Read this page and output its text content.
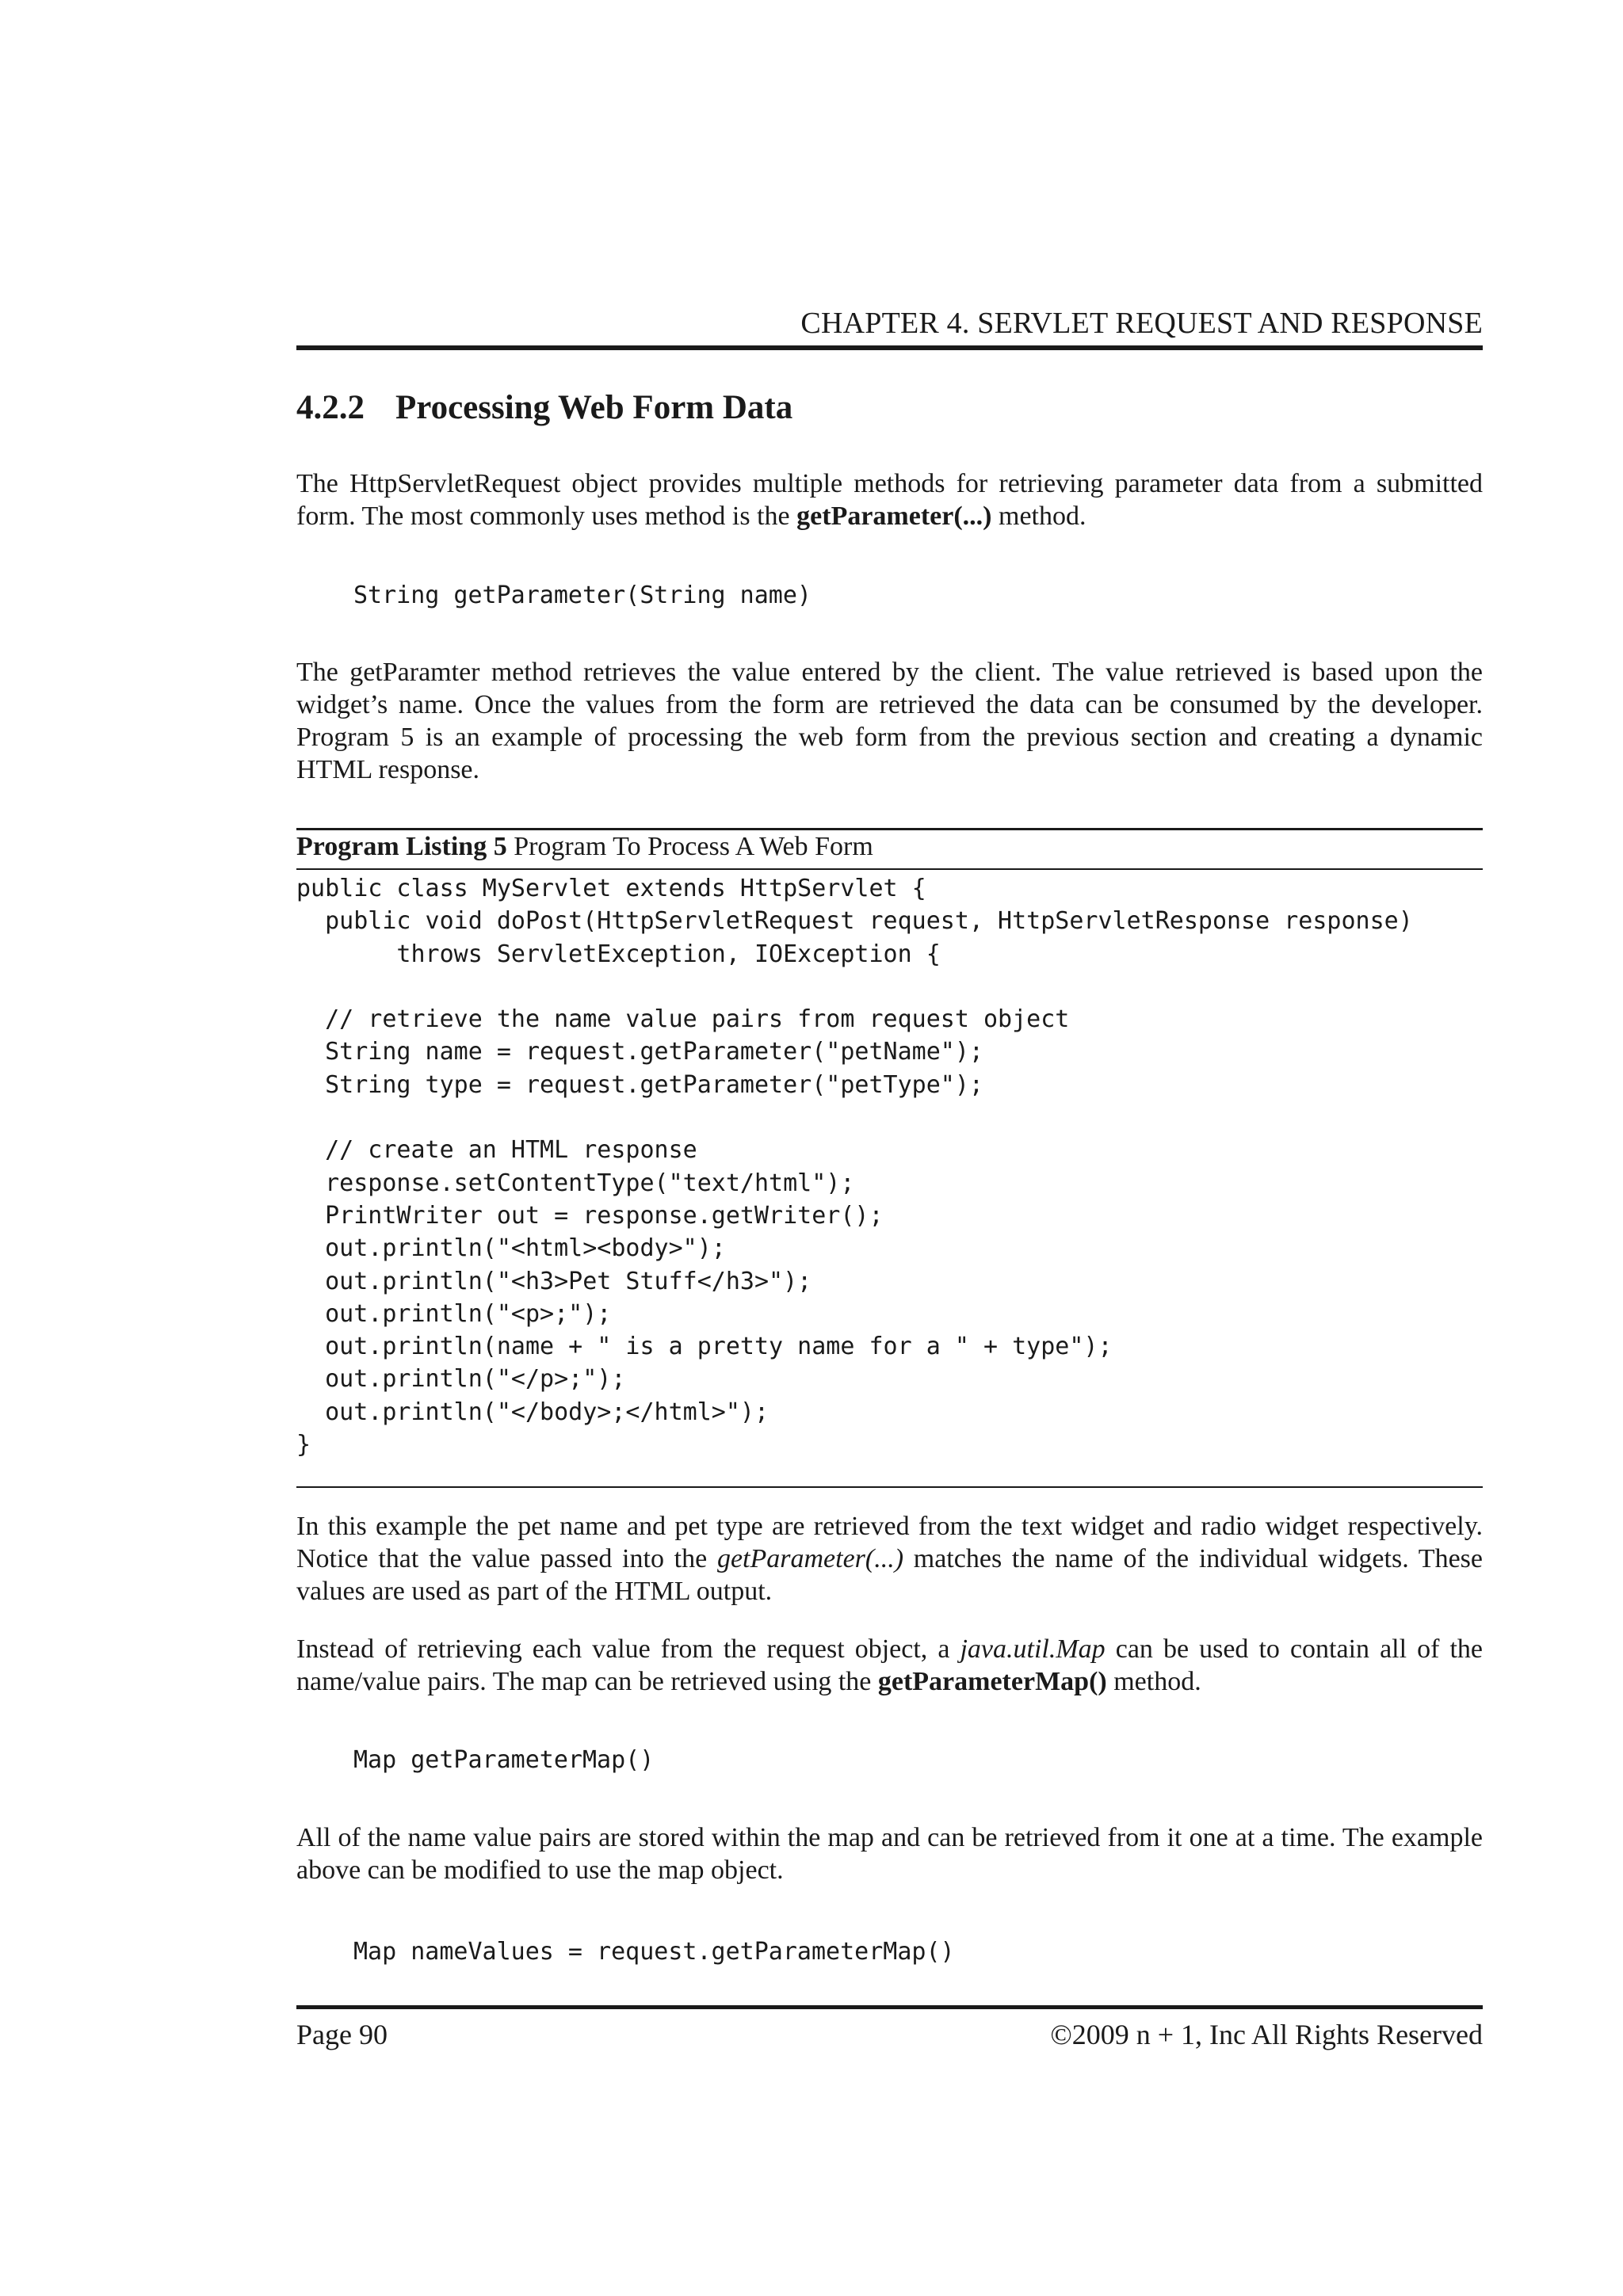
CHAPTER 4. SERVLET REQUEST AND RESPONSE
4.2.2 Processing Web Form Data

The HttpServletRequest object provides multiple methods for retrieving parameter data from a submitted form. The most commonly uses method is the getParameter(...) method.

String getParameter(String name)

The getParamter method retrieves the value entered by the client. The value retrieved is based upon the widget’s name. Once the values from the form are retrieved the data can be consumed by the developer. Program 5 is an example of processing the web form from the previous section and creating a dynamic HTML response.

Program Listing 5 Program To Process A Web Form
public class MyServlet extends HttpServlet {
public void doPost(HttpServletRequest request, HttpServletResponse response)
throws ServletException, IOException {

// retrieve the name value pairs from request object
String name = request.getParameter("petName");
String type = request.getParameter("petType");

// create an HTML response
response.setContentType("text/html");
PrintWriter out = response.getWriter();
out.println("<html><body>");
out.println("<h3>Pet Stuff</h3>");
out.println("<p>;");
out.println(name + " is a pretty name for a " + type");
out.println("</p>;");
out.println("</body>;</html>");
}

In this example the pet name and pet type are retrieved from the text widget and radio widget respectively. Notice that the value passed into the getParameter(...) matches the name of the individual widgets. These values are used as part of the HTML output.

Instead of retrieving each value from the request object, a java.util.Map can be used to contain all of the name/value pairs. The map can be retrieved using the getParameterMap() method.

Map getParameterMap()

All of the name value pairs are stored within the map and can be retrieved from it one at a time. The example above can be modified to use the map object.

Map nameValues = request.getParameterMap()
Page 90	©2009 n + 1, Inc All Rights Reserved
